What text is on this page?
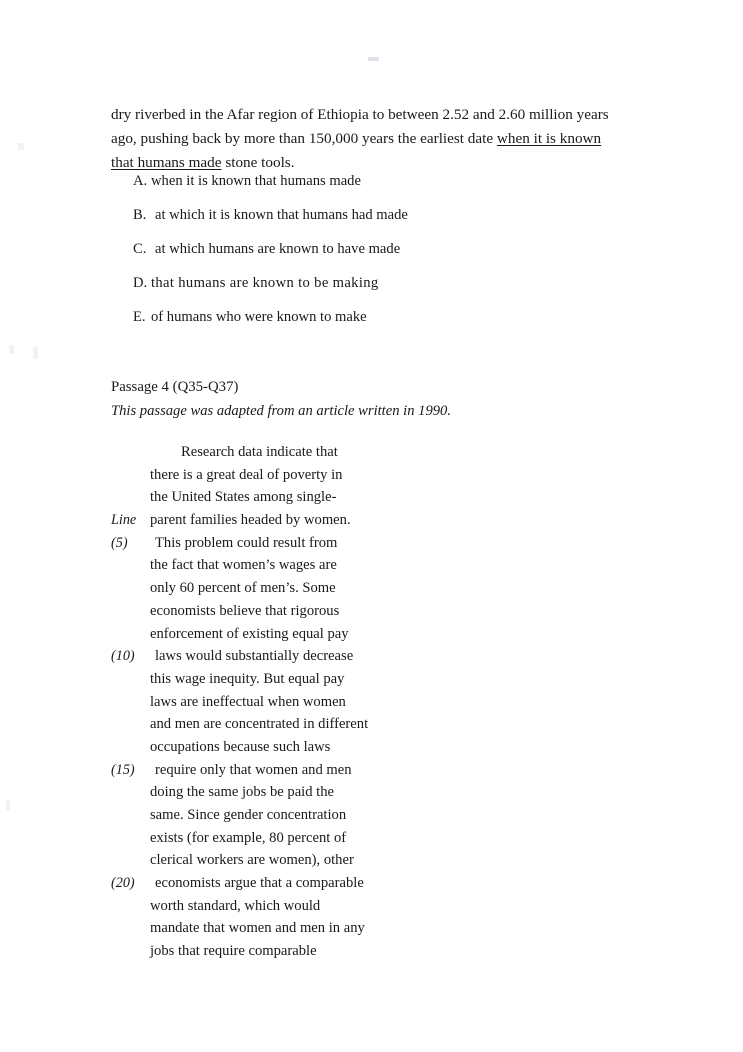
dry riverbed in the Afar region of Ethiopia to between 2.52 and 2.60 million years ago, pushing back by more than 150,000 years the earliest date when it is known that humans made stone tools.

A. when it is known that humans made
B. at which it is known that humans had made
C. at which humans are known to have made
D. that humans are known to be making
E. of humans who were known to make
Passage 4 (Q35-Q37)
This passage was adapted from an article written in 1990.
Research data indicate that
there is a great deal of poverty in
the United States among single-
Line parent families headed by women.
(5)	This problem could result from
the fact that women’s wages are
only 60 percent of men’s. Some
economists believe that rigorous
enforcement of existing equal pay
(10)	laws would substantially decrease
this wage inequity. But equal pay
laws are ineffectual when women
and men are concentrated in different
occupations because such laws
(15)	require only that women and men
doing the same jobs be paid the
same. Since gender concentration
exists (for example, 80 percent of
clerical workers are women), other
(20)	economists argue that a comparable
worth standard, which would
mandate that women and men in any
jobs that require comparable
